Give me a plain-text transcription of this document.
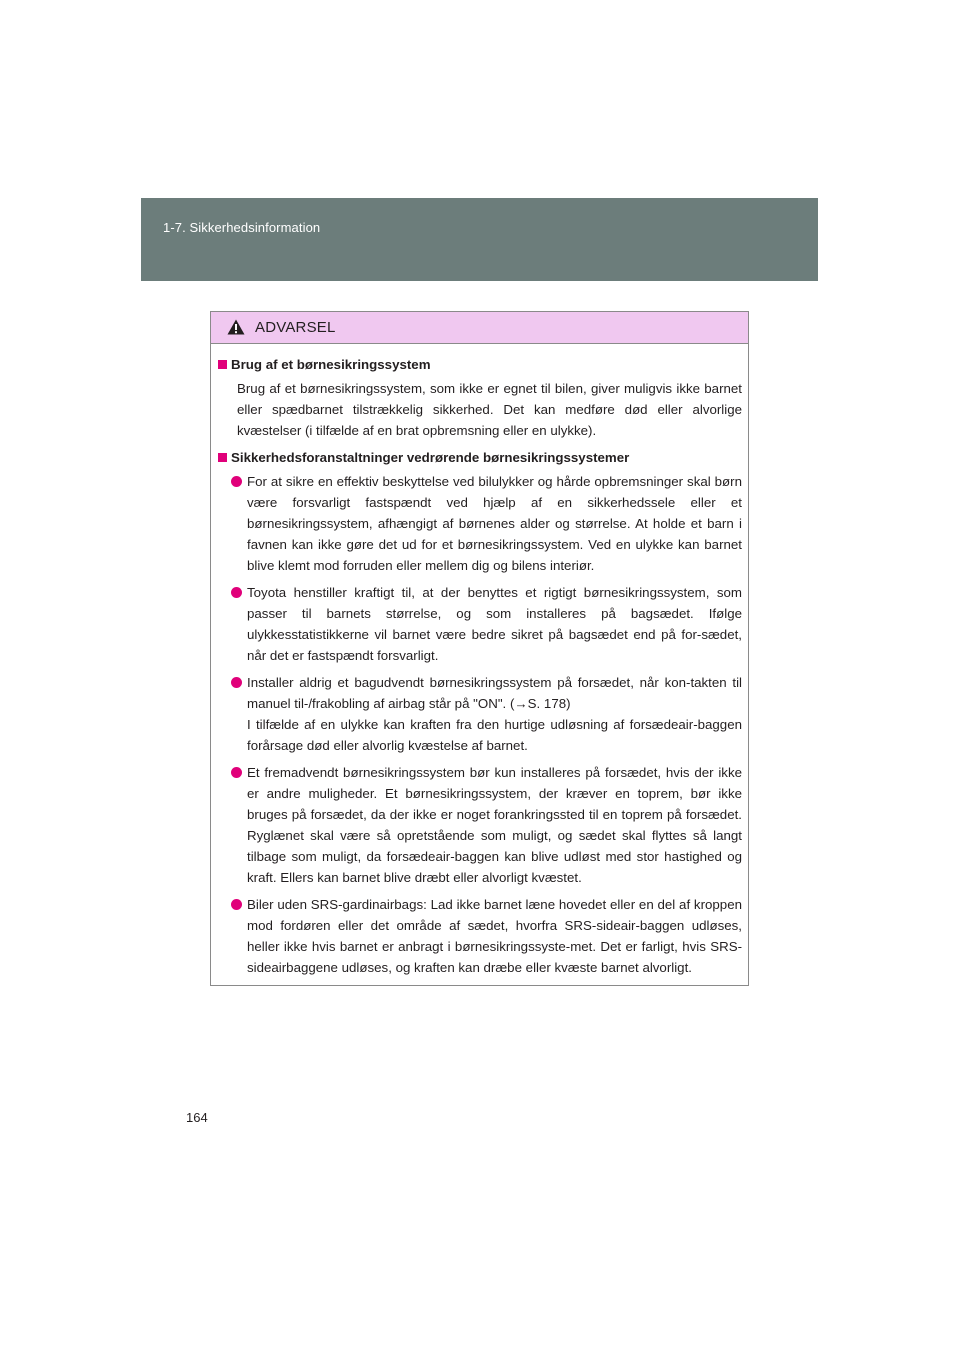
1-7. Sikkerhedsinformation
ADVARSEL
Brug af et børnesikringssystem

Brug af et børnesikringssystem, som ikke er egnet til bilen, giver muligvis ikke barnet eller spædbarnet tilstrækkelig sikkerhed. Det kan medføre død eller alvorlige kvæstelser (i tilfælde af en brat opbremsning eller en ulykke).

Sikkerhedsforanstaltninger vedrørende børnesikringssystemer
For at sikre en effektiv beskyttelse ved bilulykker og hårde opbremsninger skal børn være forsvarligt fastspændt ved hjælp af en sikkerhedssele eller et børnesikringssystem, afhængigt af børnenes alder og størrelse. At holde et barn i favnen kan ikke gøre det ud for et børnesikringssystem. Ved en ulykke kan barnet blive klemt mod forruden eller mellem dig og bilens interiør.
Toyota henstiller kraftigt til, at der benyttes et rigtigt børnesikringssystem, som passer til barnets størrelse, og som installeres på bagsædet. Ifølge ulykkesstatistikkerne vil barnet være bedre sikret på bagsædet end på for-sædet, når det er fastspændt forsvarligt.
Installer aldrig et bagudvendt børnesikringssystem på forsædet, når kon-takten til manuel til-/frakobling af airbag står på "ON". (→S. 178)
I tilfælde af en ulykke kan kraften fra den hurtige udløsning af forsædeair-baggen forårsage død eller alvorlig kvæstelse af barnet.
Et fremadvendt børnesikringssystem bør kun installeres på forsædet, hvis der ikke er andre muligheder. Et børnesikringssystem, der kræver en toprem, bør ikke bruges på forsædet, da der ikke er noget forankringssted til en toprem på forsædet. Ryglænet skal være så opretstående som muligt, og sædet skal flyttes så langt tilbage som muligt, da forsædeair-baggen kan blive udløst med stor hastighed og kraft. Ellers kan barnet blive dræbt eller alvorligt kvæstet.
Biler uden SRS-gardinairbags: Lad ikke barnet læne hovedet eller en del af kroppen mod fordøren eller det område af sædet, hvorfra SRS-sideair-baggen udløses, heller ikke hvis barnet er anbragt i børnesikringssyste-met. Det er farligt, hvis SRS-sideairbaggene udløses, og kraften kan dræbe eller kvæste barnet alvorligt.
164
